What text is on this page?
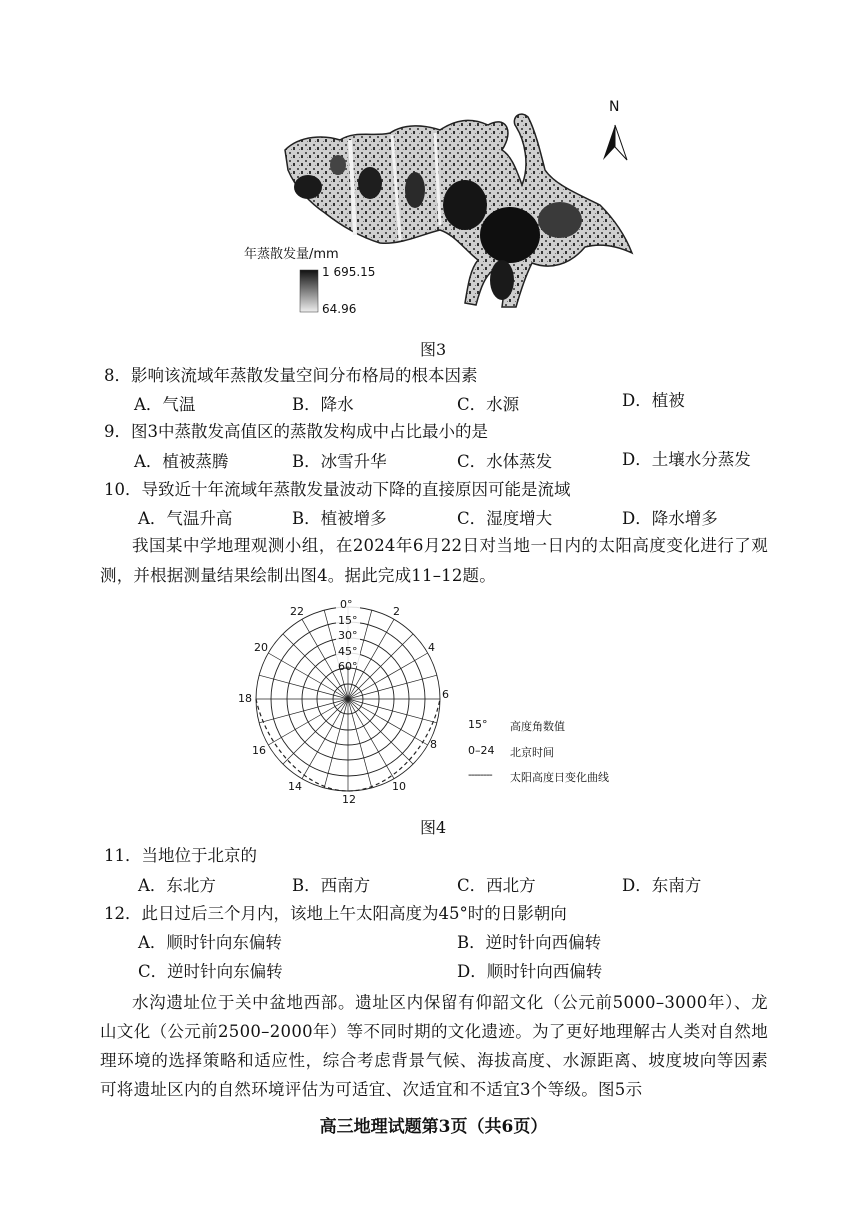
N
年蒸散发量/mm
1 695.15
64.96
图3
8．影响该流域年蒸散发量空间分布格局的根本因素
A．气温	B．降水	C．水源	D．植被
9．图3中蒸散发高值区的蒸散发构成中占比最小的是
A．植被蒸腾	B．冰雪升华	C．水体蒸发	D．土壤水分蒸发
10．导致近十年流域年蒸散发量波动下降的直接原因可能是流域
A．气温升高	B．植被增多	C．湿度增大	D．降水增多
我国某中学地理观测小组，在2024年6月22日对当地一日内的太阳高度变化进行了观测，并根据测量结果绘制出图4。据此完成11–12题。
0°
15°
30°
45°
60°
22	2
20	4
18	6
16	8
14	10
12
15° 高度角数值
0–24 北京时间
-------- 太阳高度日变化曲线
图4
11．当地位于北京的
A．东北方	B．西南方	C．西北方	D．东南方
12．此日过后三个月内，该地上午太阳高度为45°时的日影朝向
A．顺时针向东偏转	B．逆时针向西偏转
C．逆时针向东偏转	D．顺时针向西偏转
水沟遗址位于关中盆地西部。遗址区内保留有仰韶文化（公元前5000–3000年）、龙山文化（公元前2500–2000年）等不同时期的文化遗迹。为了更好地理解古人类对自然地理环境的选择策略和适应性，综合考虑背景气候、海拔高度、水源距离、坡度坡向等因素可将遗址区内的自然环境评估为可适宜、次适宜和不适宜3个等级。图5示
高三地理试题第3页（共6页）
